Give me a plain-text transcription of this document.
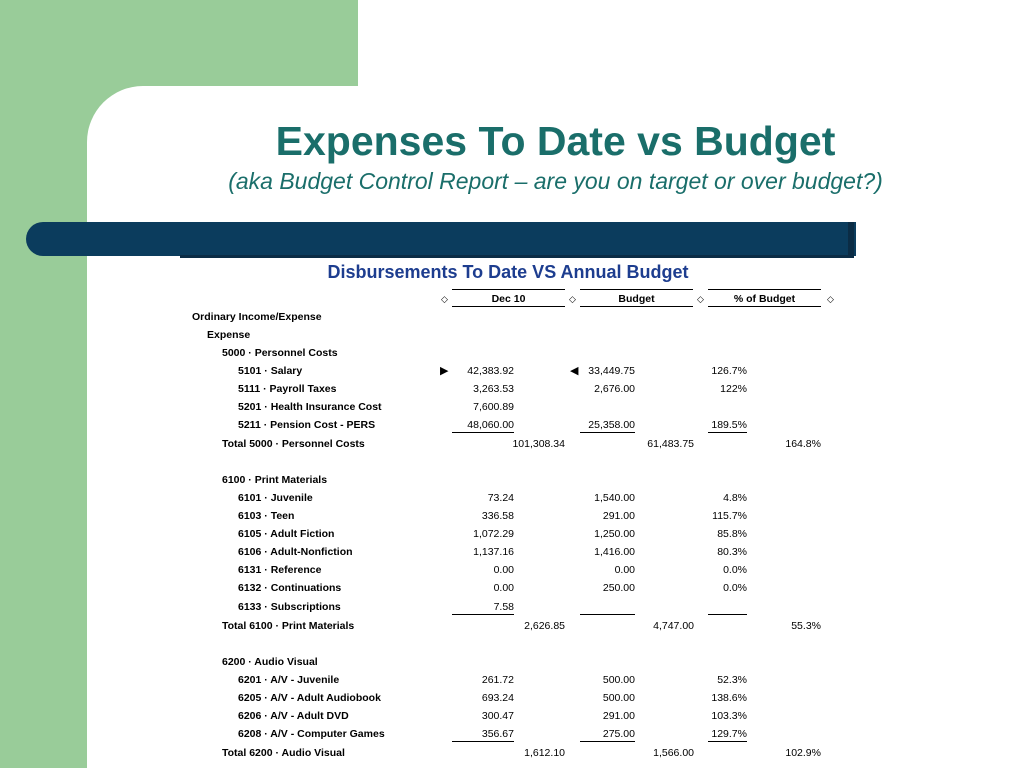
Expenses To Date vs Budget
(aka Budget Control Report – are you on target or over budget?)
Disbursements To Date VS Annual Budget
◇	Dec 10	◇	Budget	◇	% of Budget	◇
Ordinary Income/Expense
Expense
5000 · Personnel Costs
5101 · Salary	▶	42,383.92	◀ 33,449.75	126.7%
5111 · Payroll Taxes	3,263.53	2,676.00	122%
5201 · Health Insurance Cost	7,600.89
5211 · Pension Cost - PERS	48,060.00	25,358.00	189.5%
Total 5000 · Personnel Costs	101,308.34	61,483.75	164.8%
6100 · Print Materials
6101 · Juvenile	73.24	1,540.00	4.8%
6103 · Teen	336.58	291.00	115.7%
6105 · Adult Fiction	1,072.29	1,250.00	85.8%
6106 · Adult-Nonfiction	1,137.16	1,416.00	80.3%
6131 · Reference	0.00	0.00	0.0%
6132 · Continuations	0.00	250.00	0.0%
6133 · Subscriptions	7.58
Total 6100 · Print Materials	2,626.85	4,747.00	55.3%
6200 · Audio Visual
6201 · A/V - Juvenile	261.72	500.00	52.3%
6205 · A/V - Adult Audiobook	693.24	500.00	138.6%
6206 · A/V - Adult DVD	300.47	291.00	103.3%
6208 · A/V - Computer Games	356.67	275.00	129.7%
Total 6200 · Audio Visual	1,612.10	1,566.00	102.9%
